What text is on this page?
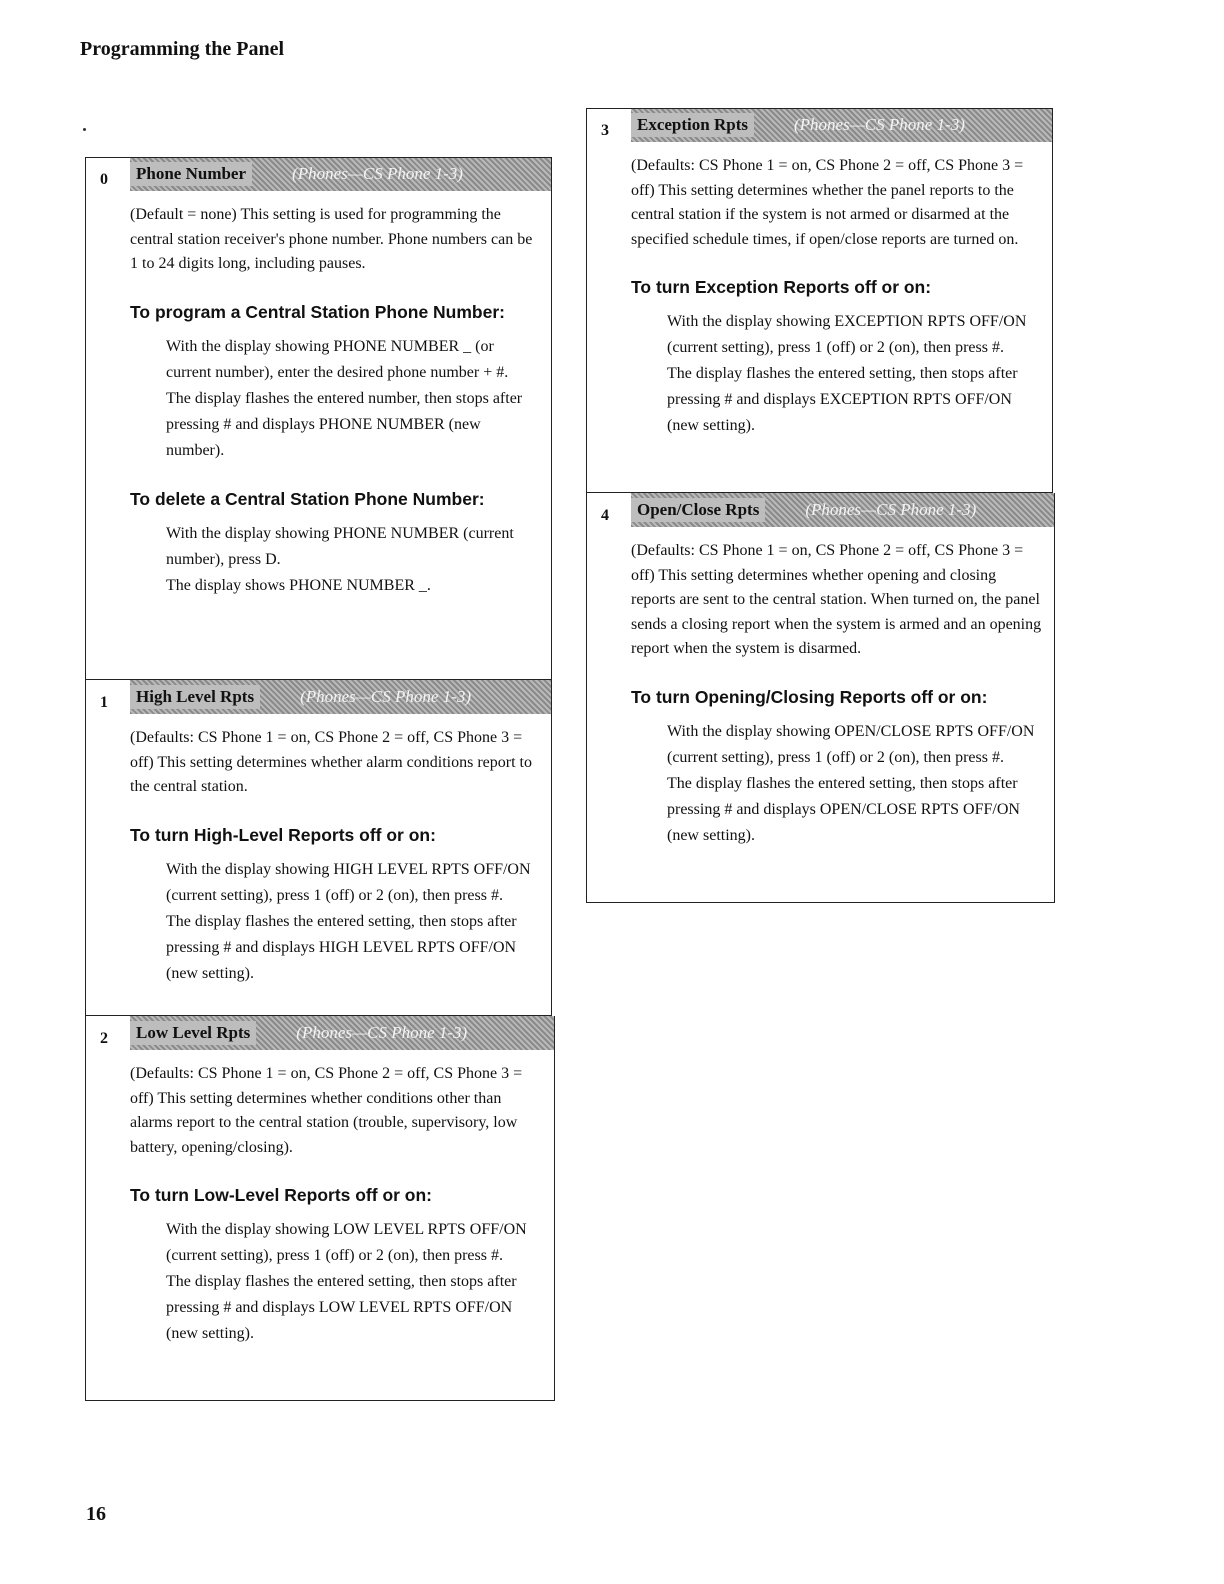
Programming the Panel
0	Phone Number	(Phones—CS Phone 1-3)

(Default = none) This setting is used for programming the central station receiver's phone number. Phone numbers can be 1 to 24 digits long, including pauses.

To program a Central Station Phone Number:

With the display showing PHONE NUMBER _ (or current number), enter the desired phone number + #.

The display flashes the entered number, then stops after pressing # and displays PHONE NUMBER (new number).

To delete a Central Station Phone Number:

With the display showing PHONE NUMBER (current number), press D.

The display shows PHONE NUMBER _.

1	High Level Rpts	(Phones—CS Phone 1-3)

(Defaults: CS Phone 1 = on, CS Phone 2 = off, CS Phone 3 = off) This setting determines whether alarm conditions report to the central station.

To turn High-Level Reports off or on:

With the display showing HIGH LEVEL RPTS OFF/ON (current setting), press 1 (off) or 2 (on), then press #.

The display flashes the entered setting, then stops after pressing # and displays HIGH LEVEL RPTS OFF/ON (new setting).

2	Low Level Rpts	(Phones—CS Phone 1-3)

(Defaults: CS Phone 1 = on, CS Phone 2 = off, CS Phone 3 = off) This setting determines whether conditions other than alarms report to the central station (trouble, supervisory, low battery, opening/closing).

To turn Low-Level Reports off or on:

With the display showing LOW LEVEL RPTS OFF/ON (current setting), press 1 (off) or 2 (on), then press #.

The display flashes the entered setting, then stops after pressing # and displays LOW LEVEL RPTS OFF/ON (new setting).

3	Exception Rpts	(Phones—CS Phone 1-3)

(Defaults: CS Phone 1 = on, CS Phone 2 = off, CS Phone 3 = off) This setting determines whether the panel reports to the central station if the system is not armed or disarmed at the specified schedule times, if open/close reports are turned on.

To turn Exception Reports off or on:

With the display showing EXCEPTION RPTS OFF/ON (current setting), press 1 (off) or 2 (on), then press #.

The display flashes the entered setting, then stops after pressing # and displays EXCEPTION RPTS OFF/ON (new setting).

4	Open/Close Rpts	(Phones—CS Phone 1-3)

(Defaults: CS Phone 1 = on, CS Phone 2 = off, CS Phone 3 = off) This setting determines whether opening and closing reports are sent to the central station. When turned on, the panel sends a closing report when the system is armed and an opening report when the system is disarmed.

To turn Opening/Closing Reports off or on:

With the display showing OPEN/CLOSE RPTS OFF/ON (current setting), press 1 (off) or 2 (on), then press #.

The display flashes the entered setting, then stops after pressing # and displays OPEN/CLOSE RPTS OFF/ON (new setting).

16
